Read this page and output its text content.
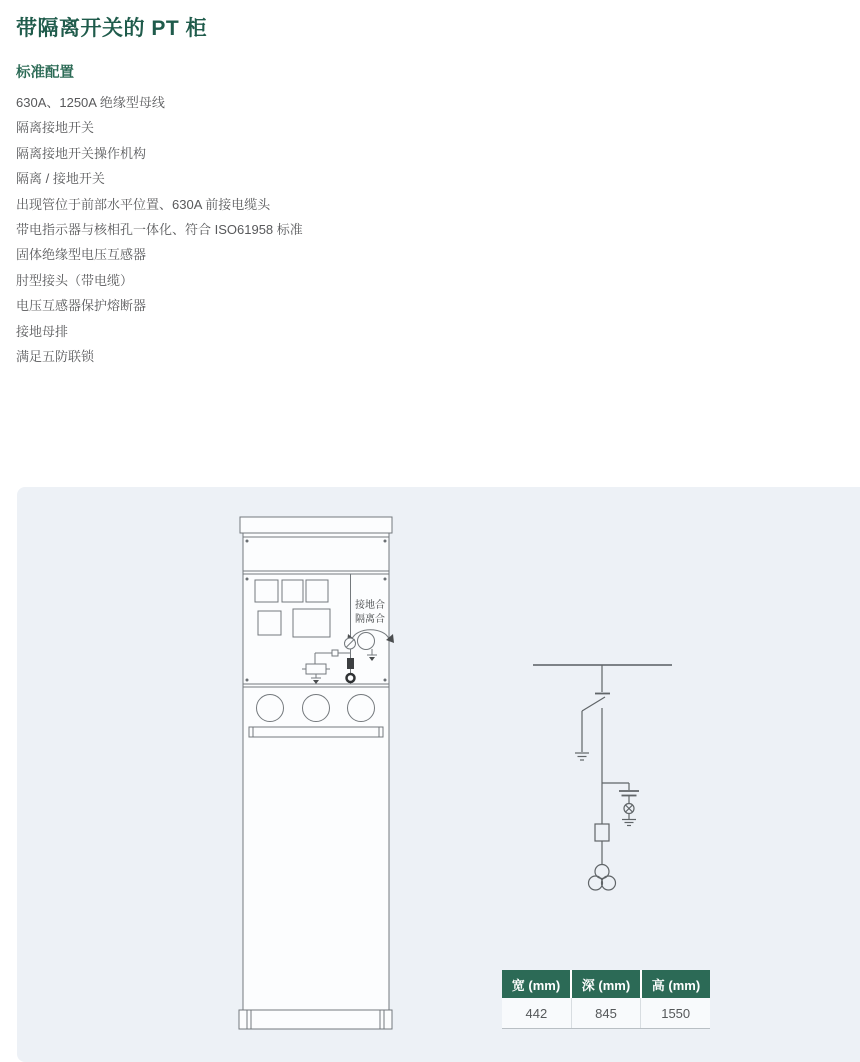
带隔离开关的 PT 柜
标准配置
630A、1250A 绝缘型母线
隔离接地开关
隔离接地开关操作机构
隔离 / 接地开关
出现管位于前部水平位置、630A 前接电缆头
带电指示器与核相孔一体化、符合 ISO61958 标准
固体绝缘型电压互感器
肘型接头（带电缆）
电压互感器保护熔断器
接地母排
满足五防联锁
接地合
隔离合
宽 (mm)	深 (mm)	高 (mm)
442	845	1550
